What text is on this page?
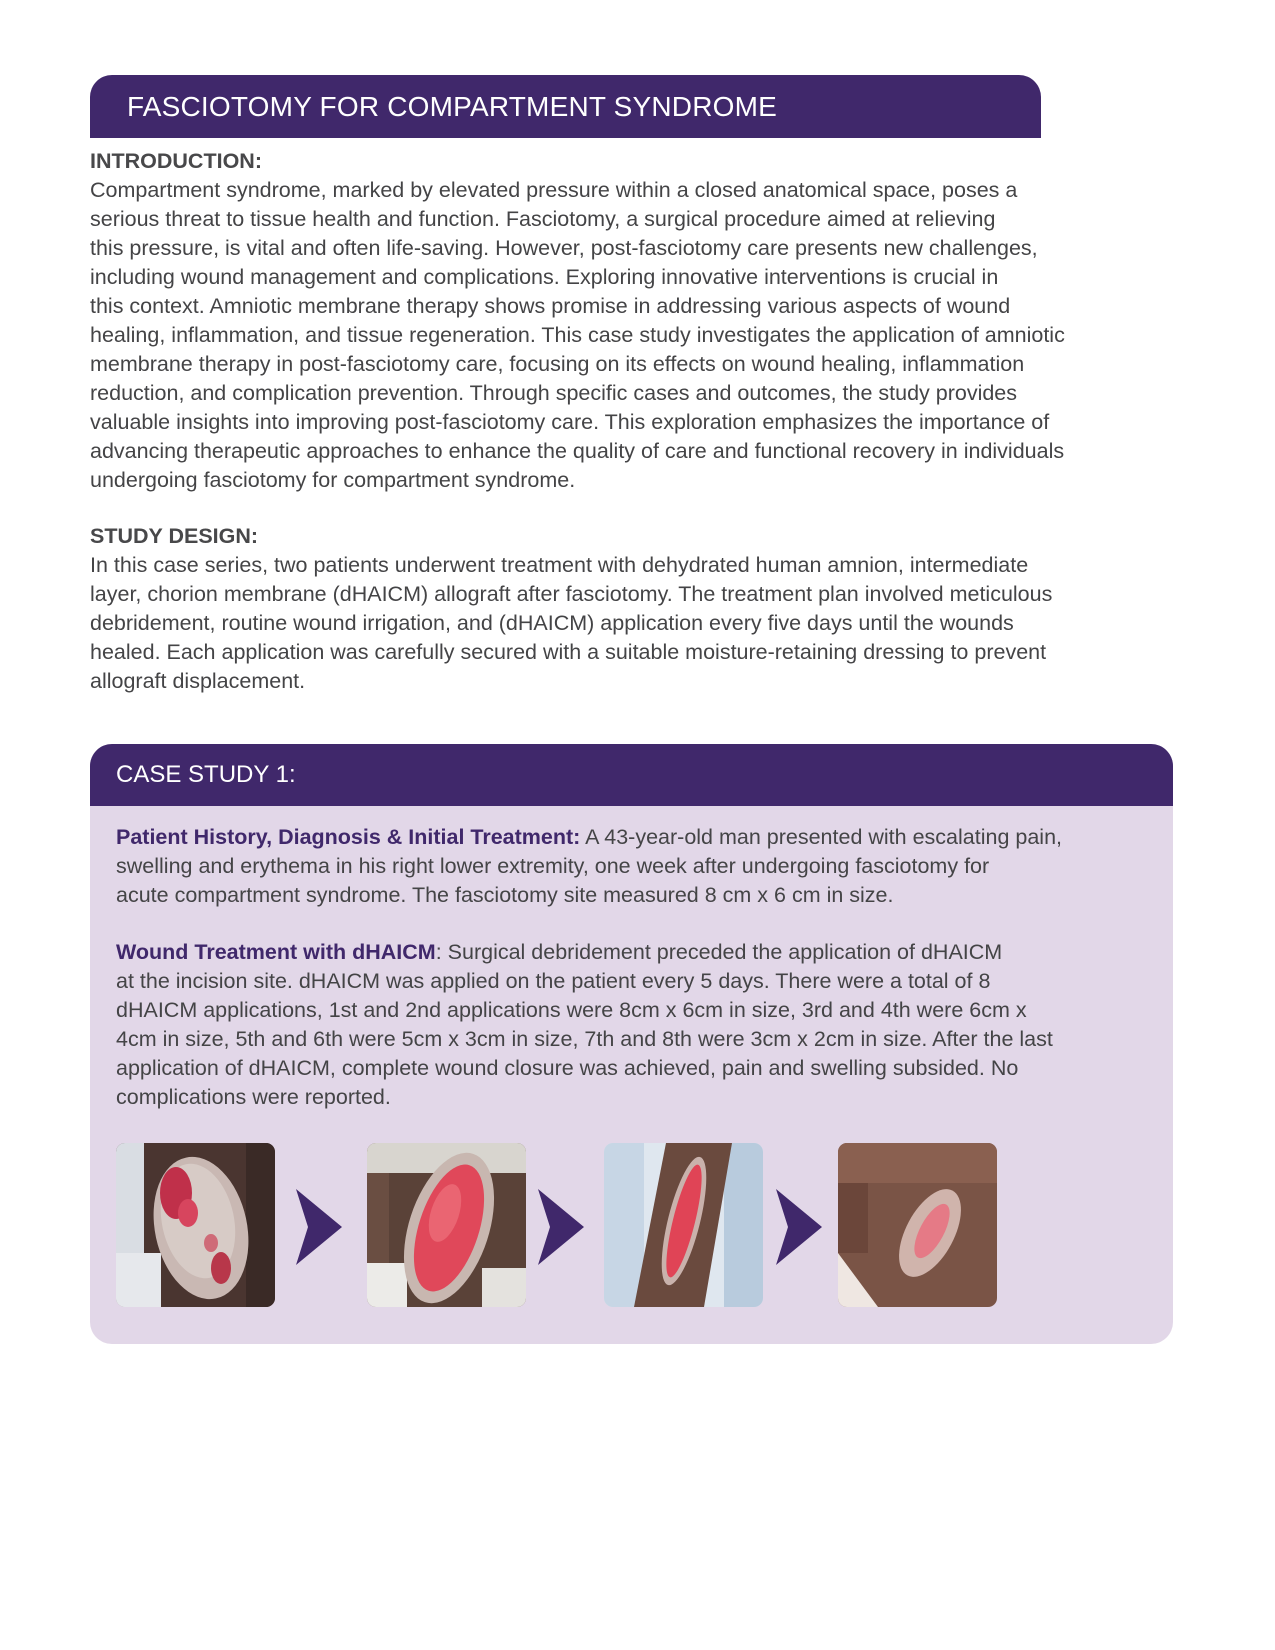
FASCIOTOMY FOR COMPARTMENT SYNDROME
INTRODUCTION:
Compartment syndrome, marked by elevated pressure within a closed anatomical space, poses a
serious threat to tissue health and function. Fasciotomy, a surgical procedure aimed at relieving
this pressure, is vital and often life-saving. However, post-fasciotomy care presents new challenges,
including wound management and complications. Exploring innovative interventions is crucial in
this context. Amniotic membrane therapy shows promise in addressing various aspects of wound
healing, inflammation, and tissue regeneration. This case study investigates the application of amniotic
membrane therapy in post-fasciotomy care, focusing on its effects on wound healing, inflammation
reduction, and complication prevention. Through specific cases and outcomes, the study provides
valuable insights into improving post-fasciotomy care. This exploration emphasizes the importance of
advancing therapeutic approaches to enhance the quality of care and functional recovery in individuals
undergoing fasciotomy for compartment syndrome.
STUDY DESIGN:
In this case series, two patients underwent treatment with dehydrated human amnion, intermediate
layer, chorion membrane (dHAICM) allograft after fasciotomy. The treatment plan involved meticulous
debridement, routine wound irrigation, and (dHAICM) application every five days until the wounds
healed. Each application was carefully secured with a suitable moisture-retaining dressing to prevent
allograft displacement.
CASE STUDY 1:
Patient History, Diagnosis & Initial Treatment: A 43-year-old man presented with escalating pain,
swelling and erythema in his right lower extremity, one week after undergoing fasciotomy for
acute compartment syndrome. The fasciotomy site measured 8 cm x 6 cm in size.
Wound Treatment with dHAICM: Surgical debridement preceded the application of dHAICM
at the incision site. dHAICM was applied on the patient every 5 days. There were a total of 8
dHAICM applications, 1st and 2nd applications were 8cm x 6cm in size, 3rd and 4th were 6cm x
4cm in size, 5th and 6th were 5cm x 3cm in size, 7th and 8th were 3cm x 2cm in size. After the last
application of dHAICM, complete wound closure was achieved, pain and swelling subsided. No
complications were reported.
